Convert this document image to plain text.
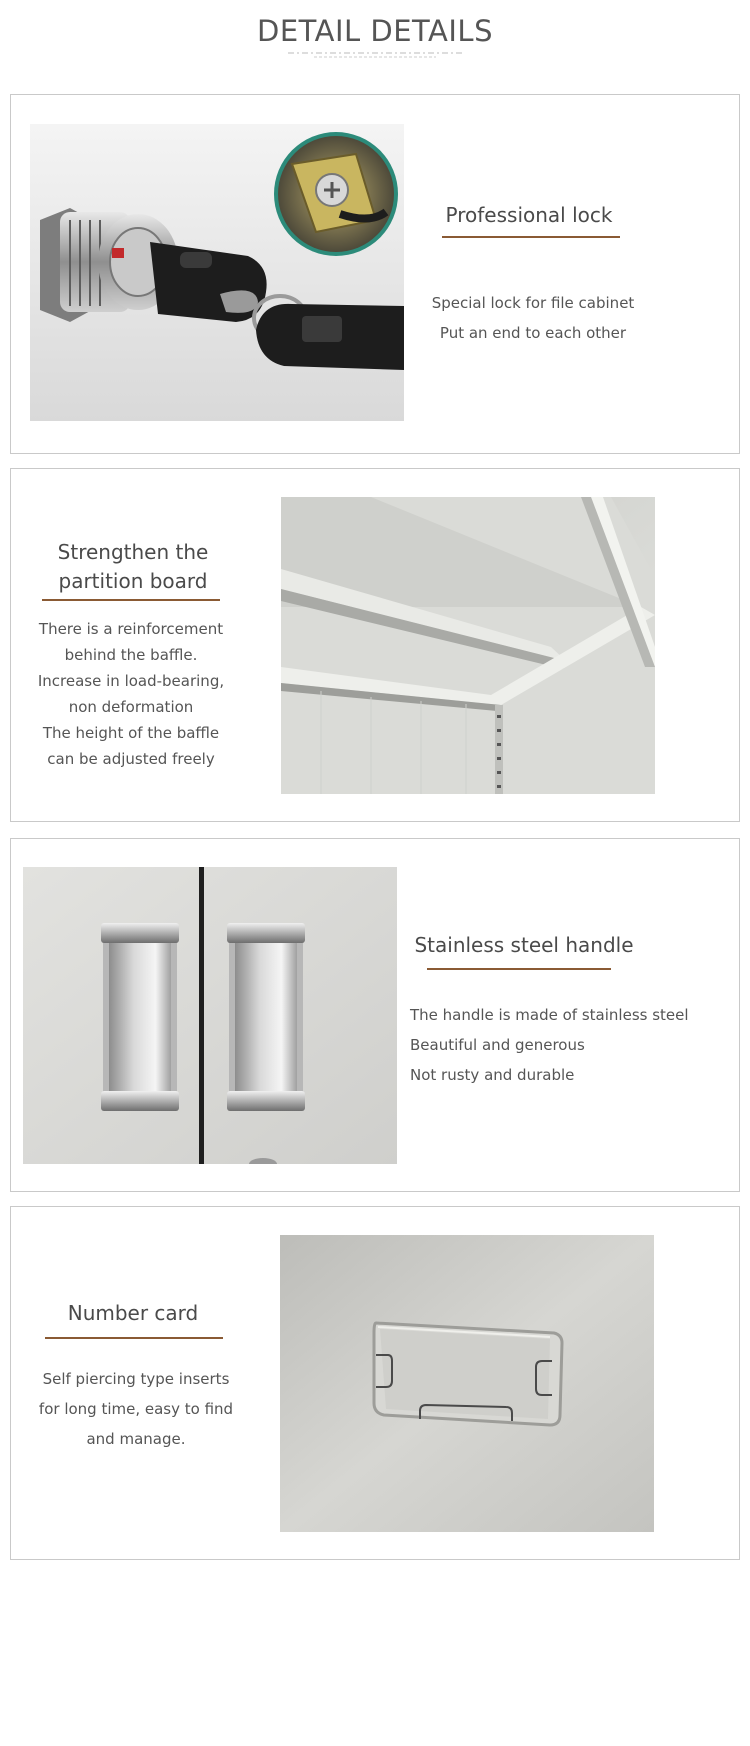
DETAIL DETAILS
Professional lock
Special lock for file cabinet
Put an end to each other
Strengthen the
partition board
There is a reinforcement
behind the baffle.
Increase in load-bearing,
non deformation
The height of the baffle
can be adjusted freely
Stainless steel handle
The handle is made of stainless steel
Beautiful and generous
Not rusty and durable
Number card
Self piercing type inserts
for long time, easy to find
and manage.
